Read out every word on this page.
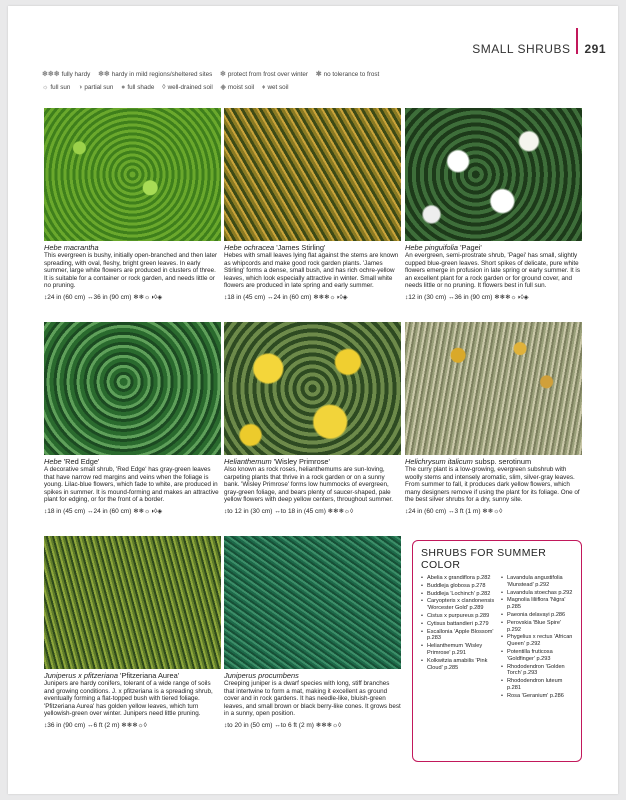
SMALL SHRUBS 291
❄❄❄ fully hardy ❄❄ hardy in mild regions/sheltered sites ❄ protect from frost over winter ✱ no tolerance to frost
☼ full sun ◑ partial sun ● full shade ◊ well-drained soil ◈ moist soil ♦ wet soil
Hebe macrantha
This evergreen is bushy, initially open-branched and then later spreading, with oval, fleshy, bright green leaves. In early summer, large white flowers are produced in clusters of three. It is suitable for a container or rock garden, and needs little or no pruning.
↕24 in (60 cm) ↔36 in (90 cm) ❄❄☼◑◊◈
Hebe ochracea 'James Stirling'
Hebes with small leaves lying flat against the stems are known as whipcords and make good rock garden plants. 'James Stirling' forms a dense, small bush, and has rich ochre-yellow leaves, which look especially attractive in winter. Small white flowers are produced in late spring and early summer.
↕18 in (45 cm) ↔24 in (60 cm) ❄❄❄☼◑◊◈
Hebe pinguifolia 'Pagei'
An evergreen, semi-prostrate shrub, 'Pagei' has small, slightly cupped blue-green leaves. Short spikes of delicate, pure white flowers emerge in profusion in late spring or early summer. It is an excellent plant for a rock garden or for ground cover, and needs little or no pruning. It flowers best in full sun.
↕12 in (30 cm) ↔36 in (90 cm) ❄❄❄☼◑◊◈
Hebe 'Red Edge'
A decorative small shrub, 'Red Edge' has gray-green leaves that have narrow red margins and veins when the foliage is young. Lilac-blue flowers, which fade to white, are produced in spikes in summer. It is mound-forming and makes an attractive plant for edging, or for the front of a border.
↕18 in (45 cm) ↔24 in (60 cm) ❄❄☼◑◊◈
Helianthemum 'Wisley Primrose'
Also known as rock roses, helianthemums are sun-loving, carpeting plants that thrive in a rock garden or on a sunny bank. 'Wisley Primrose' forms low hummocks of evergreen, gray-green foliage, and bears plenty of saucer-shaped, pale yellow flowers with deep yellow centers, throughout summer.
↕to 12 in (30 cm) ↔to 18 in (45 cm) ❄❄❄☼◊
Helichrysum italicum subsp. serotinum
The curry plant is a low-growing, evergreen subshrub with woolly stems and intensely aromatic, slim, silver-gray leaves. From summer to fall, it produces dark yellow flowers, which many designers remove if using the plant for its foliage. One of the best silver shrubs for a dry, sunny site.
↕24 in (60 cm) ↔3 ft (1 m) ❄❄☼◊
Juniperus x pfitzeriana 'Pfitzeriana Aurea'
Junipers are hardy conifers, tolerant of a wide range of soils and growing conditions. J. x pfitzeriana is a spreading shrub, eventually forming a flat-topped bush with tiered foliage. 'Pfitzeriana Aurea' has golden yellow leaves, which turn yellowish-green over winter. Junipers need little pruning.
↕36 in (90 cm) ↔6 ft (2 m) ❄❄❄☼◊
Juniperus procumbens
Creeping juniper is a dwarf species with long, stiff branches that intertwine to form a mat, making it excellent as ground cover and in rock gardens. It has needle-like, bluish-green leaves, and small brown or black berry-like cones. It grows best in a sunny, open position.
↕to 20 in (50 cm) ↔to 6 ft (2 m) ❄❄❄☼◊
SHRUBS FOR SUMMER COLOR
• Abelia x grandiflora p.282
• Buddleja globosa p.278
• Buddleja 'Lochinch' p.282
• Caryopteris x clandonensis 'Worcester Gold' p.289
• Cistus x purpureus p.289
• Cytisus battandieri p.279
• Escallonia 'Apple Blossom' p.283
• Helianthemum 'Wisley Primrose' p.291
• Kolkwitzia amabilis 'Pink Cloud' p.285
• Lavandula angustifolia 'Munstead' p.292
• Lavandula stoechas p.292
• Magnolia liliiflora 'Nigra' p.285
• Paeonia delavayi p.286
• Perovskia 'Blue Spire' p.292
• Phygelius x rectus 'African Queen' p.292
• Potentilla fruticosa 'Goldfinger' p.293
• Rhododendron 'Golden Torch' p.293
• Rhododendron luteum p.281
• Rosa 'Geranium' p.286
